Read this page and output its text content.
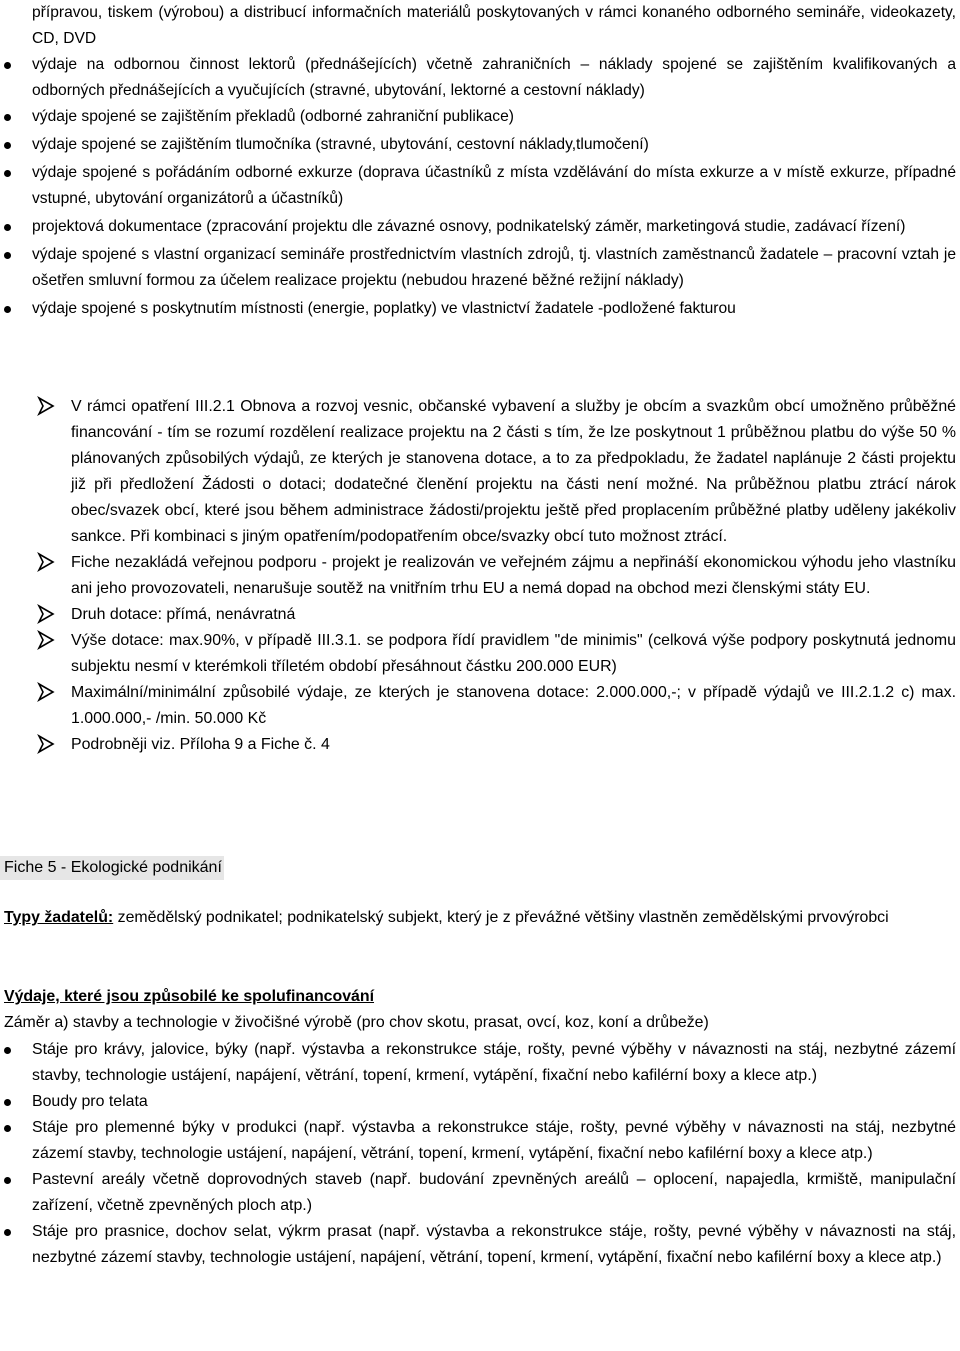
přípravou, tiskem (výrobou) a distribucí informačních materiálů poskytovaných v rámci konaného odborného semináře, videokazety, CD, DVD
výdaje na odbornou činnost lektorů (přednášejících) včetně zahraničních – náklady spojené se zajištěním kvalifikovaných a odborných přednášejících a vyučujících (stravné, ubytování, lektorné a cestovní náklady)
výdaje spojené se zajištěním překladů (odborné zahraniční publikace)
výdaje spojené se zajištěním tlumočníka (stravné, ubytování, cestovní náklady,tlumočení)
výdaje spojené s pořádáním odborné exkurze (doprava účastníků z místa vzdělávání do místa exkurze a v místě exkurze, případné vstupné, ubytování organizátorů a účastníků)
projektová dokumentace (zpracování projektu dle závazné osnovy, podnikatelský záměr, marketingová studie, zadávací řízení)
výdaje spojené s vlastní organizací semináře prostřednictvím vlastních zdrojů, tj. vlastních zaměstnanců žadatele – pracovní vztah je ošetřen smluvní formou za účelem realizace projektu (nebudou hrazené běžné režijní náklady)
výdaje spojené s poskytnutím místnosti (energie, poplatky) ve vlastnictví žadatele -podložené fakturou
V rámci opatření III.2.1 Obnova a rozvoj vesnic, občanské vybavení a služby je obcím a svazkům obcí umožněno průběžné financování - tím se rozumí rozdělení realizace projektu na 2 části s tím, že lze poskytnout 1 průběžnou platbu do výše 50 % plánovaných způsobilých výdajů, ze kterých je stanovena dotace, a to za předpokladu, že žadatel naplánuje 2 části projektu již při předložení Žádosti o dotaci; dodatečné členění projektu na části není možné. Na průběžnou platbu ztrácí nárok obec/svazek obcí, které jsou během administrace žádosti/projektu ještě před proplacením průběžné platby uděleny jakékoliv sankce. Při kombinaci s jiným opatřením/podopatřením obce/svazky obcí tuto možnost ztrácí.
Fiche nezakládá veřejnou podporu - projekt je realizován ve veřejném zájmu a nepřináší ekonomickou výhodu jeho vlastníku ani jeho provozovateli, nenarušuje soutěž na vnitřním trhu EU a nemá dopad na obchod mezi členskými státy EU.
Druh dotace: přímá, nenávratná
Výše dotace: max.90%, v případě III.3.1. se podpora řídí pravidlem "de minimis" (celková výše podpory poskytnutá jednomu subjektu nesmí v kterémkoli tříletém období přesáhnout částku 200.000 EUR)
Maximální/minimální způsobilé výdaje, ze kterých je stanovena dotace: 2.000.000,-; v případě výdajů ve III.2.1.2 c) max. 1.000.000,- /min. 50.000 Kč
Podrobněji viz. Příloha 9 a Fiche č. 4

Fiche 5 - Ekologické podnikání

Typy žadatelů: zemědělský podnikatel; podnikatelský subjekt, který je z převážné většiny vlastněn zemědělskými prvovýrobci

Výdaje, které jsou způsobilé ke spolufinancování

Záměr a) stavby a technologie v živočišné výrobě (pro chov skotu, prasat, ovcí, koz, koní a drůbeže)

Stáje pro krávy, jalovice, býky (např. výstavba a rekonstrukce stáje, rošty, pevné výběhy v návaznosti na stáj, nezbytné zázemí stavby, technologie ustájení, napájení, větrání, topení, krmení, vytápění, fixační nebo kafilérní boxy a klece atp.)
Boudy pro telata
Stáje pro plemenné býky v produkci (např. výstavba a rekonstrukce stáje, rošty, pevné výběhy v návaznosti na stáj, nezbytné zázemí stavby, technologie ustájení, napájení, větrání, topení, krmení, vytápění, fixační nebo kafilérní boxy a klece atp.)
Pastevní areály včetně doprovodných staveb (např. budování zpevněných areálů – oplocení, napajedla, krmiště, manipulační zařízení, včetně zpevněných ploch atp.)
Stáje pro prasnice, dochov selat, výkrm prasat (např. výstavba a rekonstrukce stáje, rošty, pevné výběhy v návaznosti na stáj, nezbytné zázemí stavby, technologie ustájení, napájení, větrání, topení, krmení, vytápění, fixační nebo kafilérní boxy a klece atp.)
